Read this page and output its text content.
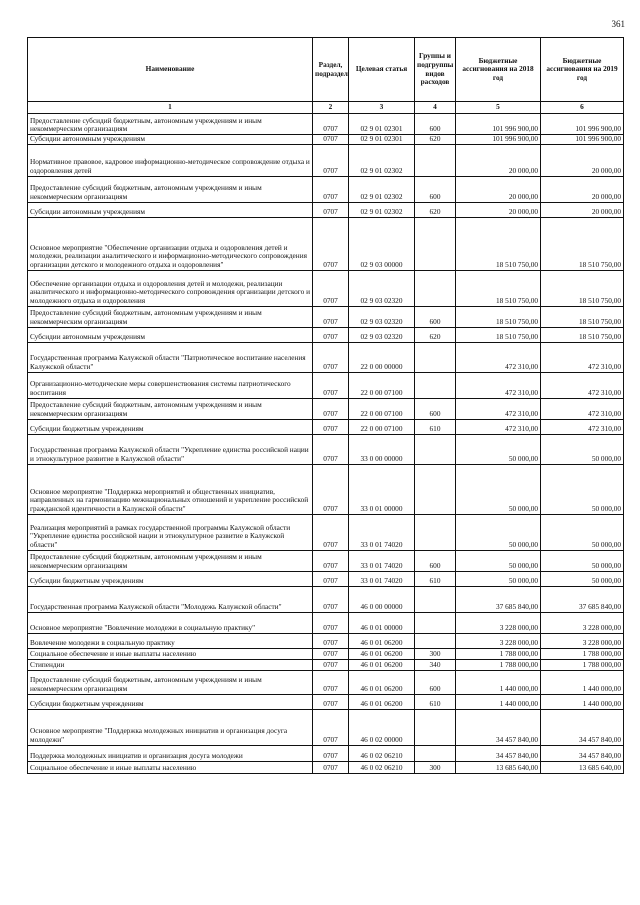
361
Наименование	Раздел, подраздел	Целевая статья	Группы и подгруппы видов расходов	Бюджетные ассигнования на 2018 год	Бюджетные ассигнования на 2019 год
1	2	3	4	5	6
Предоставление субсидий бюджетным, автономным учреждениям и иным некоммерческим организациям	0707	02 9 01 02301	600	101 996 900,00	101 996 900,00
Субсидии автономным учреждениям	0707	02 9 01 02301	620	101 996 900,00	101 996 900,00
Нормативное правовое, кадровое информационно-методическое сопровождение отдыха и оздоровления детей	0707	02 9 01 02302		20 000,00	20 000,00
Предоставление субсидий бюджетным, автономным учреждениям и иным некоммерческим организациям	0707	02 9 01 02302	600	20 000,00	20 000,00
Субсидии автономным учреждениям	0707	02 9 01 02302	620	20 000,00	20 000,00
Основное мероприятие "Обеспечение организации отдыха и оздоровления детей и молодежи, реализации аналитического и информационно-методического сопровождения организации детского и молодежного отдыха и оздоровления"	0707	02 9 03 00000		18 510 750,00	18 510 750,00
Обеспечение организации отдыха и оздоровления детей и молодежи, реализации аналитического и информационно-методического сопровождения организации детского и молодежного отдыха и оздоровления	0707	02 9 03 02320		18 510 750,00	18 510 750,00
Предоставление субсидий бюджетным, автономным учреждениям и иным некоммерческим организациям	0707	02 9 03 02320	600	18 510 750,00	18 510 750,00
Субсидии автономным учреждениям	0707	02 9 03 02320	620	18 510 750,00	18 510 750,00
Государственная программа Калужской области "Патриотическое воспитание населения Калужской области"	0707	22 0 00 00000		472 310,00	472 310,00
Организационно-методические меры совершенствования системы патриотического воспитания	0707	22 0 00 07100		472 310,00	472 310,00
Предоставление субсидий бюджетным, автономным учреждениям и иным некоммерческим организациям	0707	22 0 00 07100	600	472 310,00	472 310,00
Субсидии бюджетным учреждениям	0707	22 0 00 07100	610	472 310,00	472 310,00
Государственная программа Калужской области "Укрепление единства российской нации и этнокультурное развитие в Калужской области"	0707	33 0 00 00000		50 000,00	50 000,00
Основное мероприятие "Поддержка мероприятий и общественных инициатив, направленных на гармонизацию межнациональных отношений и укрепление российской гражданской идентичности в Калужской области"	0707	33 0 01 00000		50 000,00	50 000,00
Реализация мероприятий в рамках государственной программы Калужской области "Укрепление единства российской нации и этнокультурное развитие в Калужской области"	0707	33 0 01 74020		50 000,00	50 000,00
Предоставление субсидий бюджетным, автономным учреждениям и иным некоммерческим организациям	0707	33 0 01 74020	600	50 000,00	50 000,00
Субсидии бюджетным учреждениям	0707	33 0 01 74020	610	50 000,00	50 000,00
Государственная программа Калужской области "Молодежь Калужской области"	0707	46 0 00 00000		37 685 840,00	37 685 840,00
Основное мероприятие "Вовлечение молодежи в социальную практику"	0707	46 0 01 00000		3 228 000,00	3 228 000,00
Вовлечение молодежи в социальную практику	0707	46 0 01 06200		3 228 000,00	3 228 000,00
Социальное обеспечение и иные выплаты населению	0707	46 0 01 06200	300	1 788 000,00	1 788 000,00
Стипендии	0707	46 0 01 06200	340	1 788 000,00	1 788 000,00
Предоставление субсидий бюджетным, автономным учреждениям и иным некоммерческим организациям	0707	46 0 01 06200	600	1 440 000,00	1 440 000,00
Субсидии бюджетным учреждениям	0707	46 0 01 06200	610	1 440 000,00	1 440 000,00
Основное мероприятие "Поддержка молодежных инициатив и организация досуга молодежи"	0707	46 0 02 00000		34 457 840,00	34 457 840,00
Поддержка молодежных инициатив и организация досуга молодежи	0707	46 0 02 06210		34 457 840,00	34 457 840,00
Социальное обеспечение и иные выплаты населению	0707	46 0 02 06210	300	13 685 640,00	13 685 640,00
